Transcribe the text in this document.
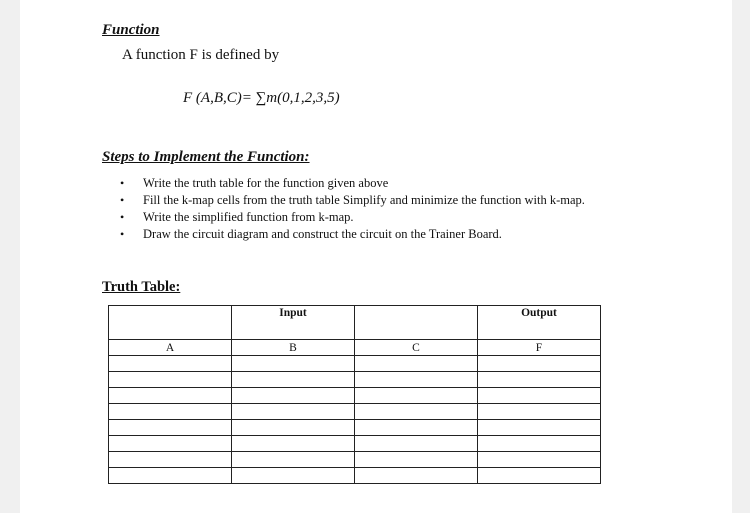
Function
A function F is defined by
F (A,B,C)= ∑m(0,1,2,3,5)
Steps to Implement the Function:
• Write the truth table for the function given above
• Fill the k-map cells from the truth table Simplify and minimize the function with k-map.
• Write the simplified function from k-map.
• Draw the circuit diagram and construct the circuit on the Trainer Board.
Truth Table:
	Input		Output
A	B	C	F
